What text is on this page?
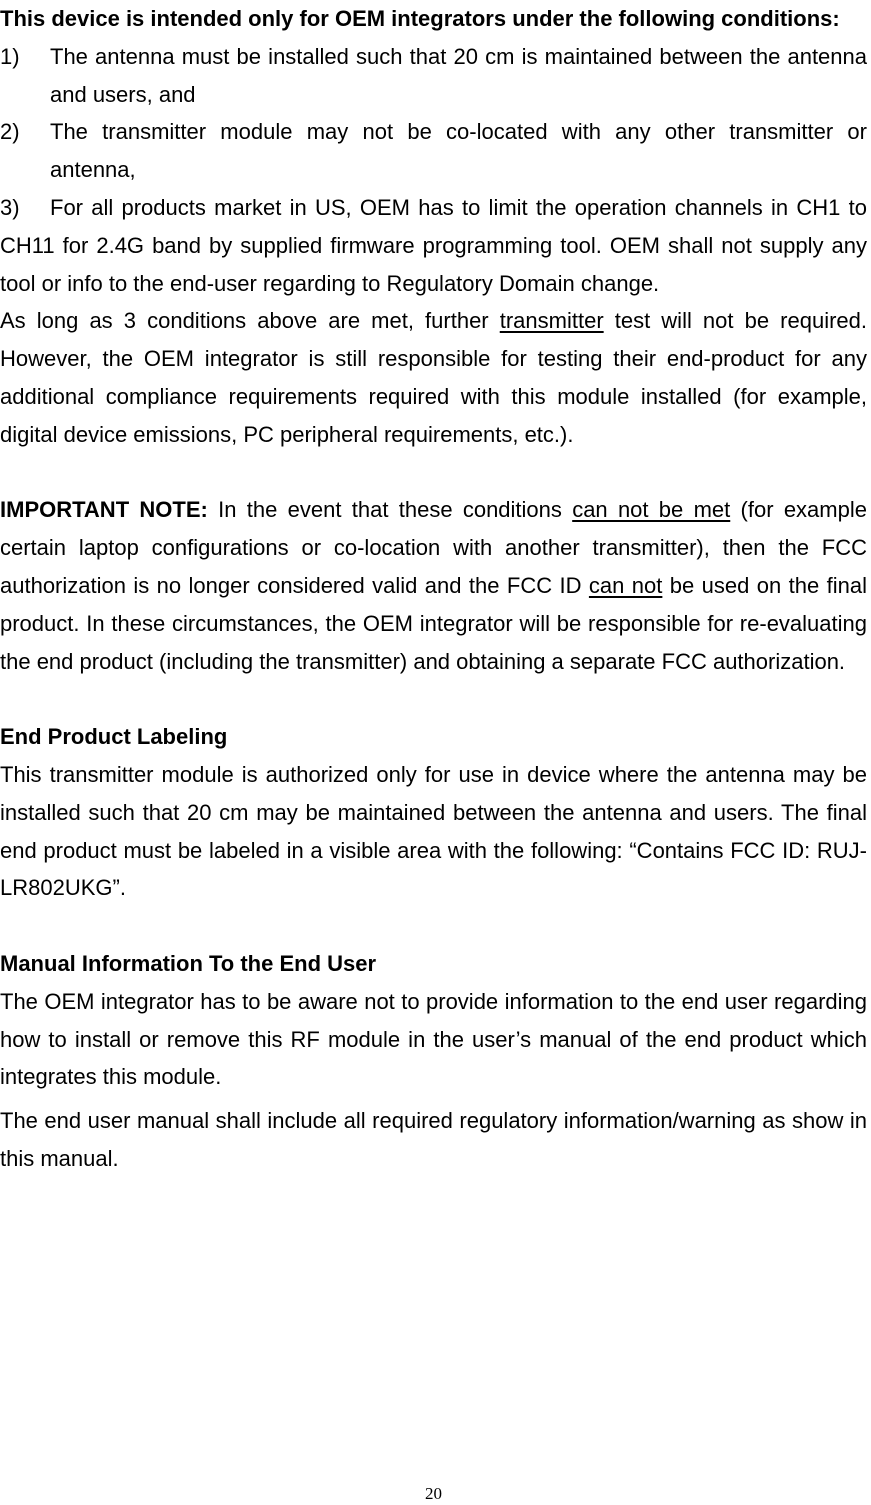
This device is intended only for OEM integrators under the following conditions:

1)	The antenna must be installed such that 20 cm is maintained between the antenna and users, and
2)	The transmitter module may not be co-located with any other transmitter or antenna,

3) For all products market in US, OEM has to limit the operation channels in CH1 to CH11 for 2.4G band by supplied firmware programming tool. OEM shall not supply any tool or info to the end-user regarding to Regulatory Domain change.

As long as 3 conditions above are met, further transmitter test will not be required. However, the OEM integrator is still responsible for testing their end-product for any additional compliance requirements required with this module installed (for example, digital device emissions, PC peripheral requirements, etc.).

IMPORTANT NOTE: In the event that these conditions can not be met (for example certain laptop configurations or co-location with another transmitter), then the FCC authorization is no longer considered valid and the FCC ID can not be used on the final product. In these circumstances, the OEM integrator will be responsible for re-evaluating the end product (including the transmitter) and obtaining a separate FCC authorization.

End Product Labeling

This transmitter module is authorized only for use in device where the antenna may be installed such that 20 cm may be maintained between the antenna and users. The final end product must be labeled in a visible area with the following: “Contains FCC ID: RUJ-LR802UKG”.

Manual Information To the End User

The OEM integrator has to be aware not to provide information to the end user regarding how to install or remove this RF module in the user’s manual of the end product which integrates this module.

The end user manual shall include all required regulatory information/warning as show in this manual.

20
